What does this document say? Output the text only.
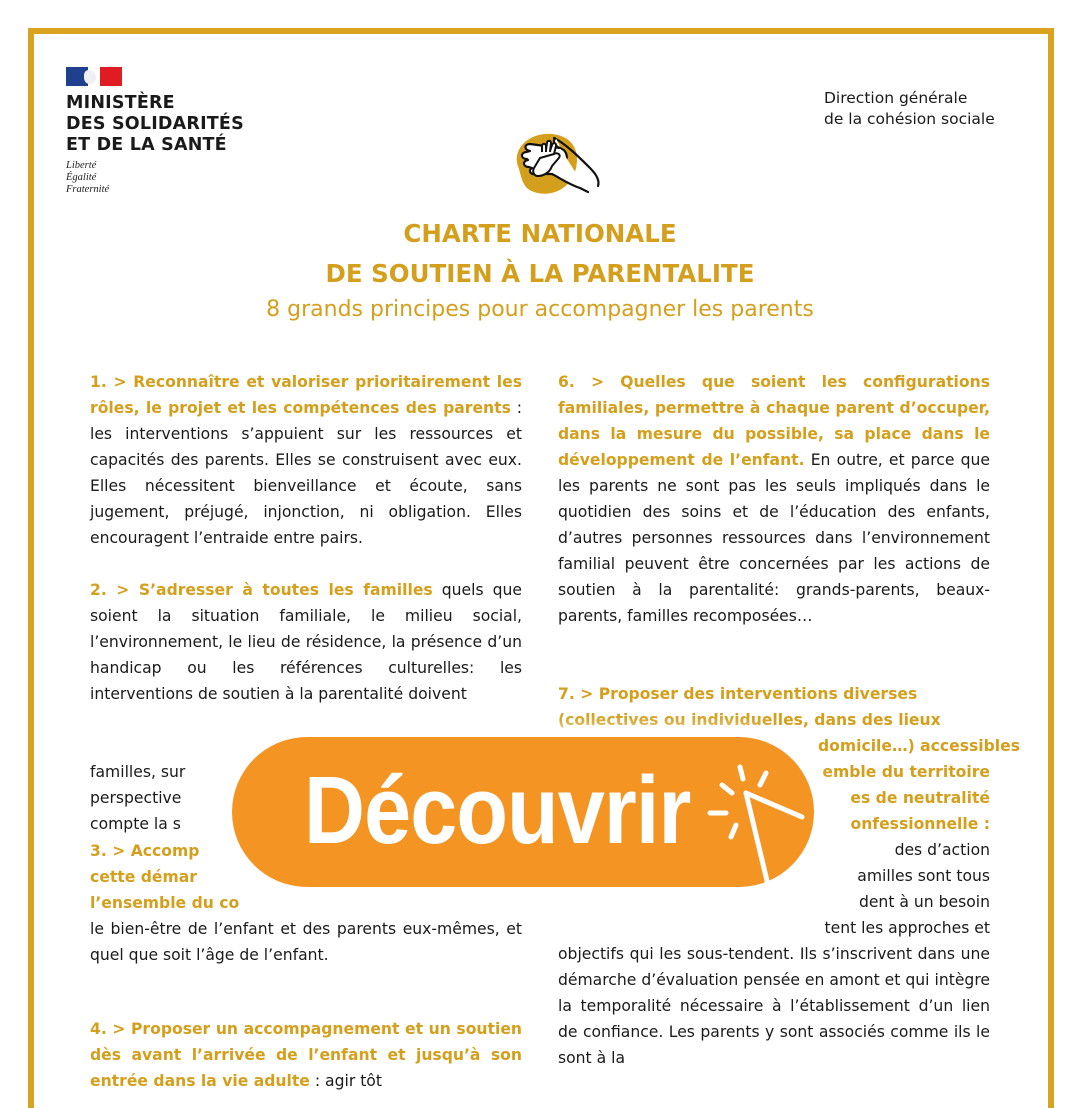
MINISTÈRE
DES SOLIDARITÉS
ET DE LA SANTÉ
Liberté
Égalité
Fraternité
Direction générale
de la cohésion sociale
CHARTE NATIONALE
DE SOUTIEN À LA PARENTALITE
8 grands principes pour accompagner les parents

1. > Reconnaître et valoriser prioritairement les rôles, le projet et les compétences des parents : les interventions s’appuient sur les ressources et capacités des parents. Elles se construisent avec eux. Elles nécessitent bienveillance et écoute, sans jugement, préjugé, injonction, ni obligation. Elles encouragent l’entraide entre pairs.

2. > S’adresser à toutes les familles quels que soient la situation familiale, le milieu social, l’environnement, le lieu de résidence, la présence d’un handicap ou les références culturelles: les interventions de soutien à la parentalité doivent

familles, sur
perspective
compte la s
3. > Accomp
cette démar
l’ensemble du co

le bien-être de l’enfant et des parents eux-mêmes, et quel que soit l’âge de l’enfant.

4. > Proposer un accompagnement et un soutien dès avant l’arrivée de l’enfant et jusqu’à son entrée dans la vie adulte : agir tôt

6. > Quelles que soient les configurations familiales, permettre à chaque parent d’occuper, dans la mesure du possible, sa place dans le développement de l’enfant. En outre, et parce que les parents ne sont pas les seuls impliqués dans le quotidien des soins et de l’éducation des enfants, d’autres personnes ressources dans l’environnement familial peuvent être concernées par les actions de soutien à la parentalité: grands-parents, beaux-parents, familles recomposées…

7. > Proposer des interventions diverses
(collectives ou individuelles, dans des lieux
domicile…) accessibles
emble du territoire
es de neutralité
onfessionnelle :
des d’action
amilles sont tous
dent à un besoin
tent les approches et

objectifs qui les sous-tendent. Ils s’inscrivent dans une démarche d’évaluation pensée en amont et qui intègre la temporalité nécessaire à l’établissement d’un lien de confiance. Les parents y sont associés comme ils le sont à la

Découvrir
